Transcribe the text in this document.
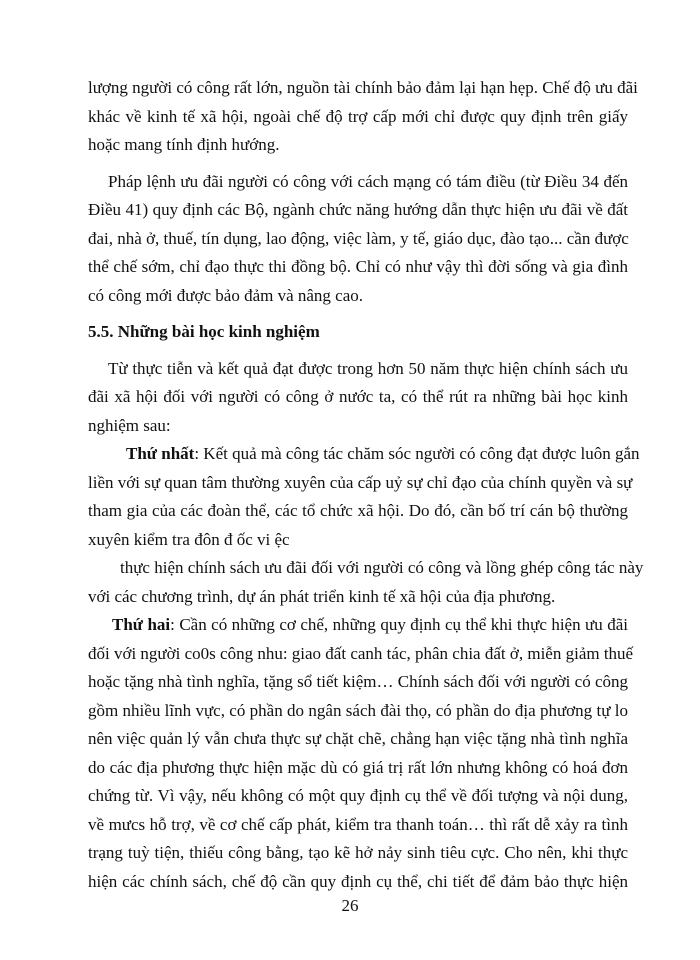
lượng người có công rất lớn, nguồn tài chính bảo đảm lại hạn hẹp. Chế độ ưu đãi
khác về kinh tế xã hội, ngoài chế độ trợ cấp mới chỉ được quy định trên giấy
hoặc mang tính định hướng.
Pháp lệnh ưu đãi người có công với cách mạng có tám điều (từ Điều 34 đến
Điều 41) quy định các Bộ, ngành chức năng hướng dẫn thực hiện ưu đãi về đất
đai, nhà ở, thuế, tín dụng, lao động, việc làm, y tế, giáo dục, đào tạo... cần được
thể chế sớm, chỉ đạo thực thi đồng bộ. Chỉ có như vậy thì đời sống và gia đình
có công mới được bảo đảm và nâng cao.
5.5. Những bài học kinh nghiệm
Từ thực tiễn và kết quả đạt được trong hơn 50 năm thực hiện chính sách ưu
đãi xã hội đối với người có công ở nước ta, có thể rút ra những bài học kinh
nghiệm sau:
Thứ nhất: Kết quả mà công tác chăm sóc người có công đạt được luôn gắn
liền với sự quan tâm thường xuyên của cấp uỷ sự chỉ đạo của chính quyền và sự
tham gia của các đoàn thể, các tổ chức xã hội. Do đó, cần bố trí cán bộ thường
xuyên kiểm tra đôn đ ốc vi ệc
thực hiện chính sách ưu đãi đối với người có công và lồng ghép công tác này
với các chương trình, dự án phát triển kinh tế xã hội của địa phương.
Thứ hai: Cần có những cơ chế, những quy định cụ thể khi thực hiện ưu đãi
đối với người co0s công nhu: giao đất canh tác, phân chia đất ở, miễn giảm thuế
hoặc tặng nhà tình nghĩa, tặng sổ tiết kiệm… Chính sách đối với người có công
gồm nhiều lĩnh vực, có phần do ngân sách đài thọ, có phần do địa phương tự lo
nên việc quản lý vẫn chưa thực sự chặt chẽ, chẳng hạn việc tặng nhà tình nghĩa
do các địa phương thực hiện mặc dù có giá trị rất lớn nhưng không có hoá đơn
chứng từ. Vì vậy, nếu không có một quy định cụ thể về đối tượng và nội dung,
về mưcs hỗ trợ, về cơ chế cấp phát, kiểm tra thanh toán… thì rất dễ xảy ra tình
trạng tuỳ tiện, thiếu công bằng, tạo kẽ hở nảy sinh tiêu cực. Cho nên, khi thực
hiện các chính sách, chế độ cần quy định cụ thể, chi tiết để đảm bảo thực hiện
26
